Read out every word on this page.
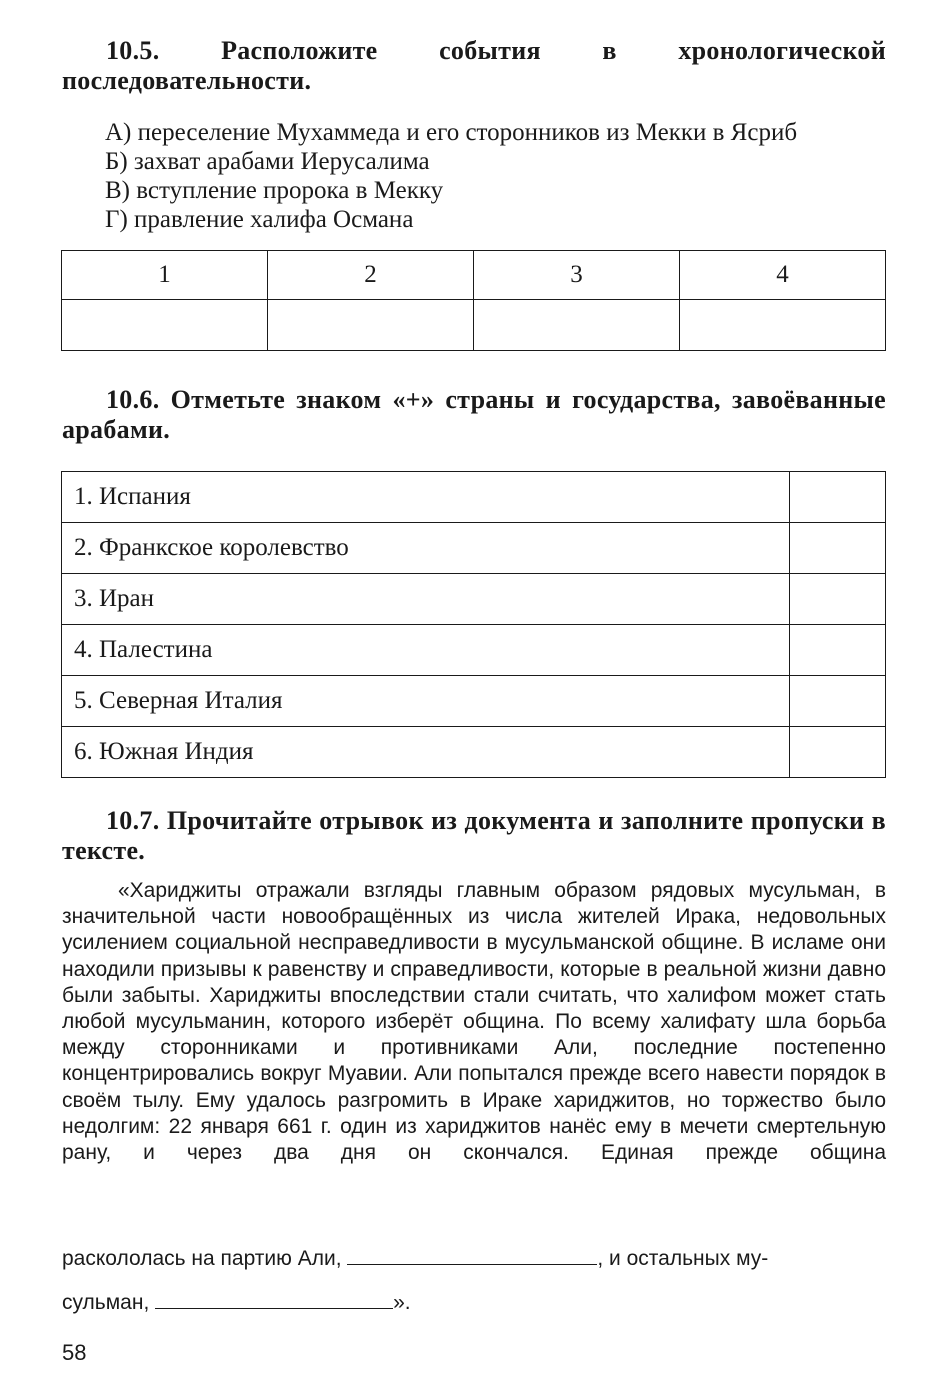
10.5. Расположите события в хронологической последовательности.

А) переселение Мухаммеда и его сторонников из Мекки в Ясриб
Б) захват арабами Иерусалима
В) вступление пророка в Мекку
Г) правление халифа Османа
1	2	3	4

10.6. Отметьте знаком «+» страны и государства, завоёванные арабами.

1. Испания	
2. Франкское королевство	
3. Иран	
4. Палестина	
5. Северная Италия	
6. Южная Индия	

10.7. Прочитайте отрывок из документа и заполните пропуски в тексте.

«Хариджиты отражали взгляды главным образом рядовых мусульман, в значительной части новообращённых из числа жителей Ирака, недовольных усилением социальной несправедливости в мусульманской общине. В исламе они находили призывы к равенству и справедливости, которые в реальной жизни давно были забыты. Хариджиты впоследствии стали считать, что халифом может стать любой мусульманин, которого изберёт община. По всему халифату шла борьба между сторонниками и противниками Али, последние постепенно концентрировались вокруг Муавии. Али попытался прежде всего навести порядок в своём тылу. Ему удалось разгромить в Ираке хариджитов, но торжество было недолгим: 22 января 661 г. один из хариджитов нанёс ему в мечети смертельную рану, и через два дня он скончался. Единая прежде община

раскололась на партию Али,	, и остальных му-
сульман,	».
58
